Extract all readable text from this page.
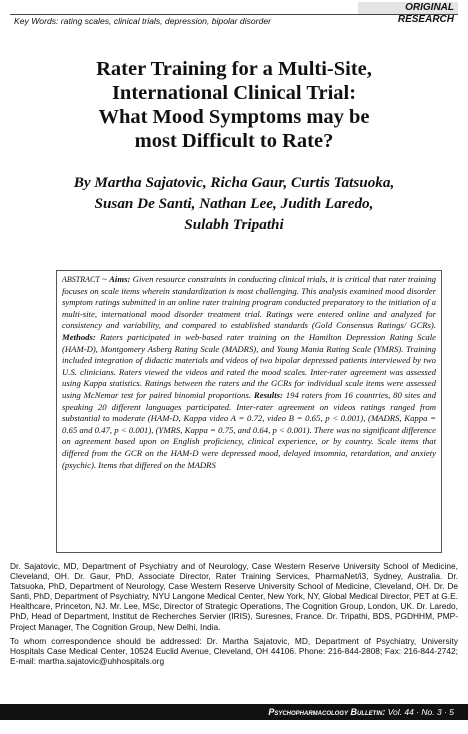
ORIGINAL RESEARCH
Key Words: rating scales, clinical trials, depression, bipolar disorder
Rater Training for a Multi-Site,
International Clinical Trial:
What Mood Symptoms may be
most Difficult to Rate?
By Martha Sajatovic, Richa Gaur, Curtis Tatsuoka,
Susan De Santi, Nathan Lee, Judith Laredo,
Sulabh Tripathi
ABSTRACT ~ Aims: Given resource constraints in conducting clinical trials, it is critical that rater training focuses on scale items wherein standardization is most challenging. This analysis examined mood disorder symptom ratings submitted in an online rater training program conducted preparatory to the initiation of a multi-site, international mood disorder treatment trial. Ratings were entered online and analyzed for consistency and variability, and compared to established standards (Gold Consensus Ratings/ GCRs). Methods: Raters participated in web-based rater training on the Hamilton Depression Rating Scale (HAM-D), Montgomery Asberg Rating Scale (MADRS), and Young Mania Rating Scale (YMRS). Training included integration of didactic materials and videos of two bipolar depressed patients interviewed by two U.S. clinicians. Raters viewed the videos and rated the mood scales. Inter-rater agreement was assessed using Kappa statistics. Ratings between the raters and the GCRs for individual scale items were assessed using McNemar test for paired binomial proportions. Results: 194 raters from 16 countries, 80 sites and speaking 20 different languages participated. Inter-rater agreement on videos ratings ranged from substantial to moderate (HAM-D, Kappa video A = 0.72, video B = 0.65, p < 0.001), (MADRS, Kappa = 0.65 and 0.47, p < 0.001), (YMRS, Kappa = 0.75, and 0.64, p < 0.001). There was no significant difference on agreement based upon on English proficiency, clinical experience, or by country. Scale items that differed from the GCR on the HAM-D were depressed mood, delayed insomnia, retardation, and anxiety (psychic). Items that differed on the MADRS

Dr. Sajatovic, MD, Department of Psychiatry and of Neurology, Case Western Reserve University School of Medicine, Cleveland, OH. Dr. Gaur, PhD, Associate Director, Rater Training Services, PharmaNet/i3, Sydney, Australia. Dr. Tatsuoka, PhD, Department of Neurology, Case Western Reserve University School of Medicine, Cleveland, OH. Dr. De Santi, PhD, Department of Psychiatry, NYU Langone Medical Center, New York, NY, Global Medical Director, PET at G.E. Healthcare, Princeton, NJ. Mr. Lee, MSc, Director of Strategic Operations, The Cognition Group, London, UK. Dr. Laredo, PhD, Head of Department, Institut de Recherches Servier (IRIS), Suresnes, France. Dr. Tripathi, BDS, PGDHHM, PMP- Project Manager, The Cognition Group, New Delhi, India.

To whom correspondence should be addressed: Dr. Martha Sajatovic, MD, Department of Psychiatry, University Hospitals Case Medical Center, 10524 Euclid Avenue, Cleveland, OH 44106. Phone: 216-844-2808; Fax: 216-844-2742; E-mail: martha.sajatovic@uhhospitals.org

Psychopharmacology Bulletin: Vol. 44 · No. 3 · 5
